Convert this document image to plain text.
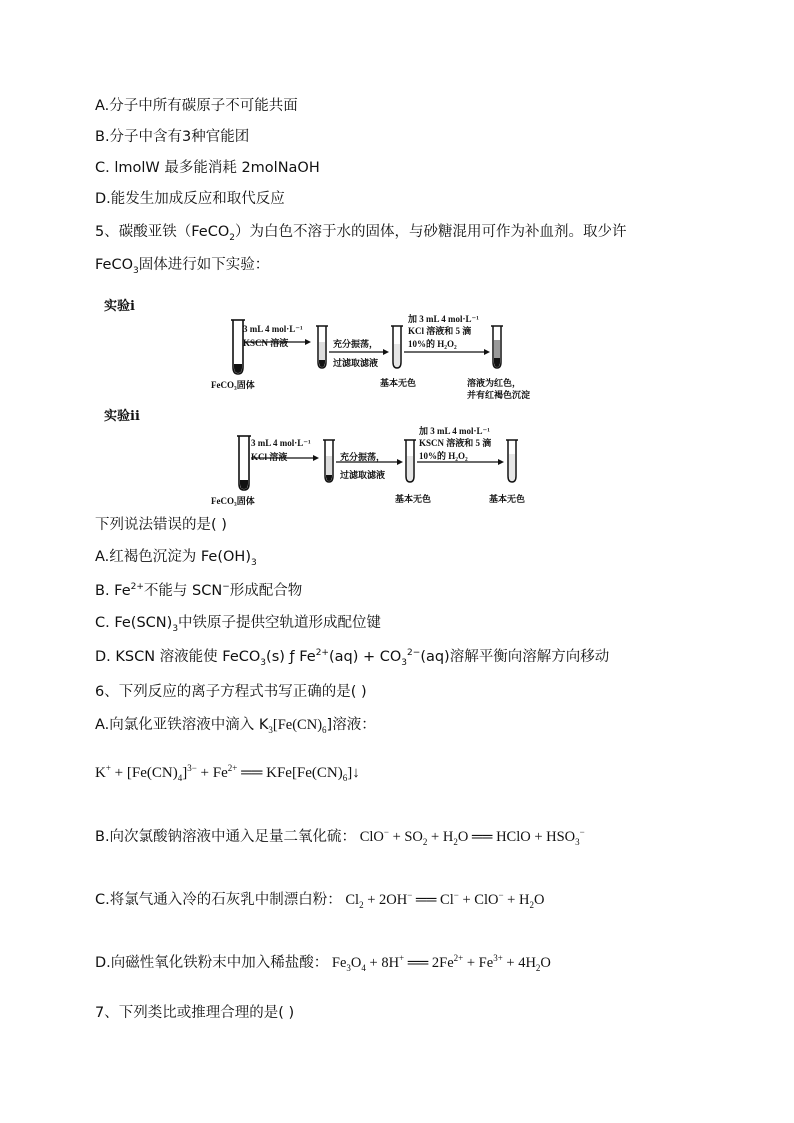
A.分子中所有碳原子不可能共面
B.分子中含有3种官能团
C. lmolW 最多能消耗 2molNaOH
D.能发生加成反应和取代反应
5、碳酸亚铁（FeCO$_2$）为白色不溶于水的固体，与砂糖混用可作为补血剂。取少许
FeCO$_3$固体进行如下实验：
实验ⅰ
3 mL 4 mol·L⁻¹
KSCN 溶液
FeCO₃固体
充分振荡，
过滤取滤液
基本无色
加 3 mL 4 mol·L⁻¹
KCl 溶液和 5 滴
10%的 H₂O₂
溶液为红色，
并有红褐色沉淀
实验ⅱ
3 mL 4 mol·L⁻¹
KCl 溶液
FeCO₃固体
充分振荡，
过滤取滤液
基本无色
加 3 mL 4 mol·L⁻¹
KSCN 溶液和 5 滴
10%的 H₂O₂
基本无色
下列说法错误的是( )
A.红褐色沉淀为 $Fe(OH)_3$
B. $Fe^{2+}$不能与 SCN−形成配合物
C. $Fe(SCN)_3$中铁原子提供空轨道形成配位键
D. KSCN 溶液能使 FeCO$_3$(s) ƒ $Fe^{2+}(aq) + CO_3^{2-}(aq)$溶解平衡向溶解方向移动
6、下列反应的离子方程式书写正确的是( )
A.向氯化亚铁溶液中滴入 $K_3[Fe(CN)_6]$溶液：
$K^+ + [Fe(CN)_4]^{3-} + Fe^{2+}$ ══ $KFe[Fe(CN)_6]↓$
B.向次氯酸钠溶液中通入足量二氧化硫： $ClO^- + SO_2 + H_2O$ ══ HClO + $HSO_3^-$
C.将氯气通入冷的石灰乳中制漂白粉： $Cl_2 + 2OH^-$ ══ $Cl^- + ClO^- + H_2O$
D.向磁性氧化铁粉末中加入稀盐酸： $Fe_3O_4 + 8H^+$ ══ $2Fe^{2+} + Fe^{3+} + 4H_2O$
7、下列类比或推理合理的是( )
